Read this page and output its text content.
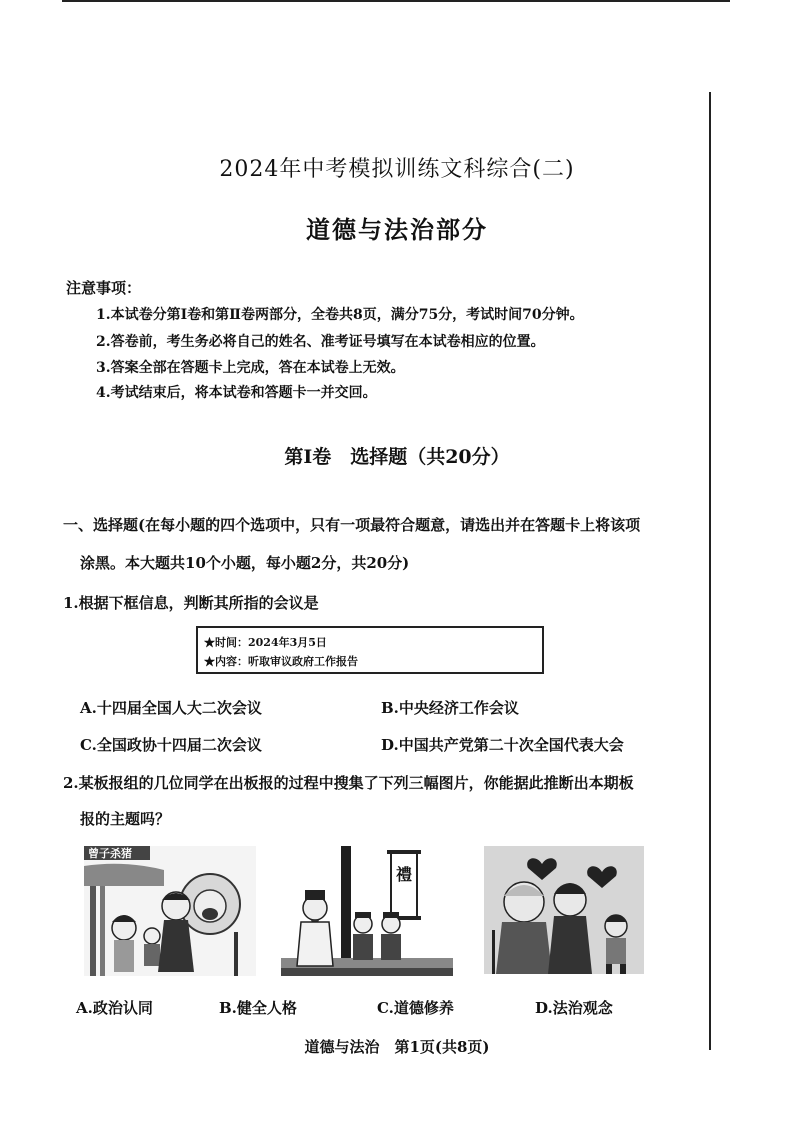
2024年中考模拟训练文科综合(二)
道德与法治部分
注意事项：
1.本试卷分第Ⅰ卷和第Ⅱ卷两部分，全卷共8页，满分75分，考试时间70分钟。
2.答卷前，考生务必将自己的姓名、准考证号填写在本试卷相应的位置。
3.答案全部在答题卡上完成，答在本试卷上无效。
4.考试结束后，将本试卷和答题卡一并交回。
第Ⅰ卷　选择题（共20分）
一、选择题(在每小题的四个选项中，只有一项最符合题意，请选出并在答题卡上将该项
涂黑。本大题共10个小题，每小题2分，共20分)
1.根据下框信息，判断其所指的会议是
★时间：2024年3月5日
★内容：听取审议政府工作报告
A.十四届全国人大二次会议	B.中央经济工作会议
C.全国政协十四届二次会议	D.中国共产党第二十次全国代表大会
2.某板报组的几位同学在出板报的过程中搜集了下列三幅图片，你能据此推断出本期板
报的主题吗？
曾子杀猪
禮
A.政治认同	B.健全人格	C.道德修养	D.法治观念
道德与法治　第1页(共8页)
